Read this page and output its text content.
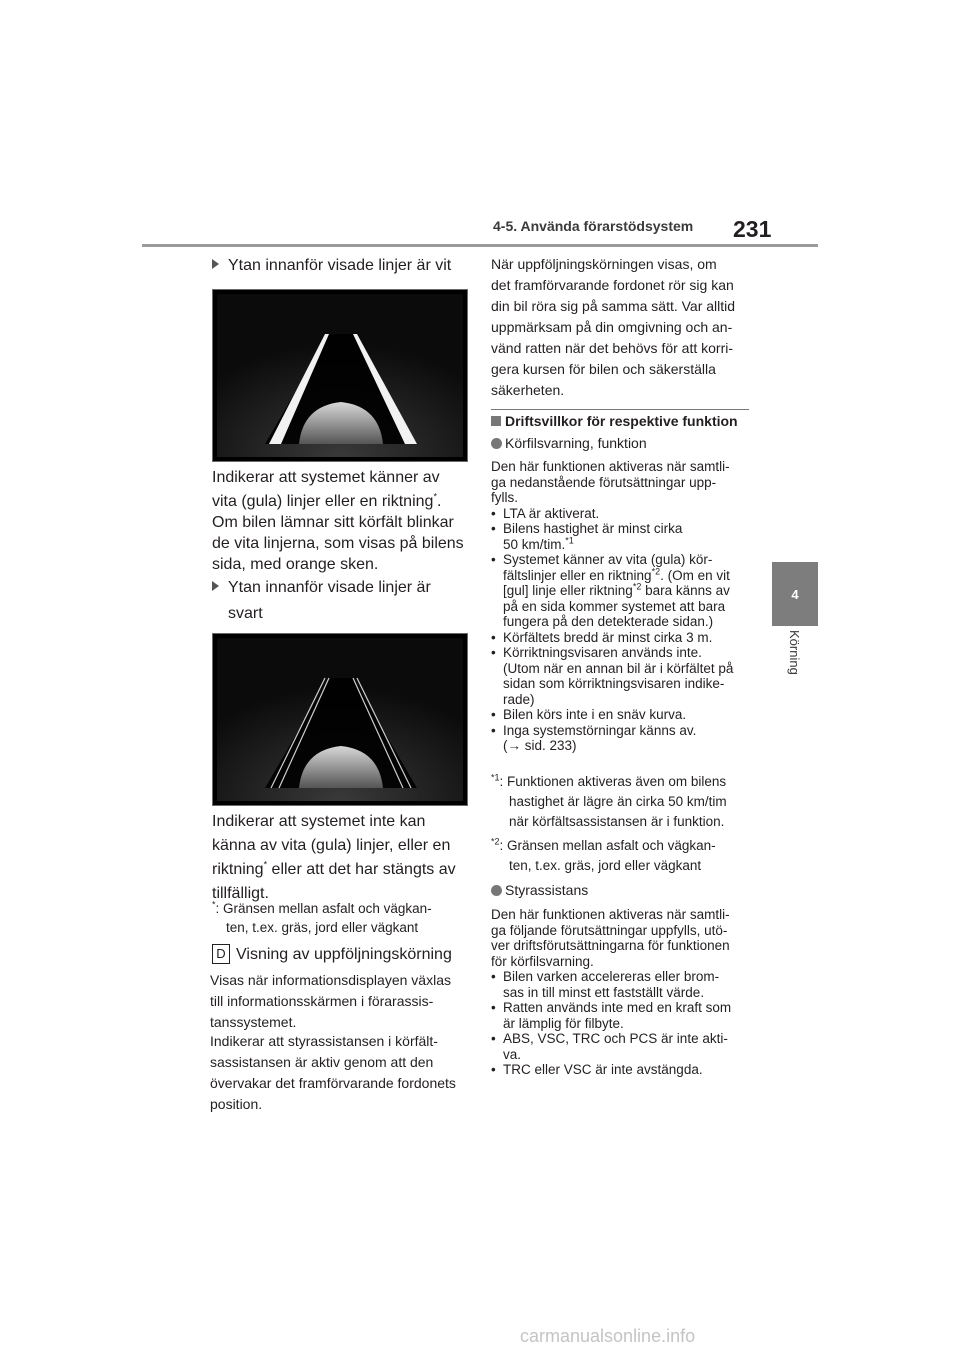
4-5. Använda förarstödsystem 231
4
Körning
Ytan innanför visade linjer är vit
Indikerar att systemet känner av
vita (gula) linjer eller en riktning*.
Om bilen lämnar sitt körfält blinkar
de vita linjerna, som visas på bilens
sida, med orange sken.
Ytan innanför visade linjer är
svart
Indikerar att systemet inte kan
känna av vita (gula) linjer, eller en
riktning* eller att det har stängts av
tillfälligt.
*: Gränsen mellan asfalt och vägkan-
ten, t.ex. gräs, jord eller vägkant
D Visning av uppföljningskörning
Visas när informationsdisplayen växlas
till informationsskärmen i förarassis-
tanssystemet.
Indikerar att styrassistansen i körfält-
sassistansen är aktiv genom att den
övervakar det framförvarande fordonets
position.
När uppföljningskörningen visas, om
det framförvarande fordonet rör sig kan
din bil röra sig på samma sätt. Var alltid
uppmärksam på din omgivning och an-
vänd ratten när det behövs för att korri-
gera kursen för bilen och säkerställa
säkerheten.
Driftsvillkor för respektive funktion
Körfilsvarning, funktion
Den här funktionen aktiveras när samtli-
ga nedanstående förutsättningar upp-
fylls.
• LTA är aktiverat.
• Bilens hastighet är minst cirka
50 km/tim.$^{*1}$
• Systemet känner av vita (gula) kör-
fältslinjer eller en riktning$^{*2}$. (Om en vit
[gul] linje eller riktning$^{*2}$ bara känns av
på en sida kommer systemet att bara
fungera på den detekterade sidan.)
• Körfältets bredd är minst cirka 3 m.
• Körriktningsvisaren används inte.
(Utom när en annan bil är i körfältet på
sidan som körriktningsvisaren indike-
rade)
• Bilen körs inte i en snäv kurva.
• Inga systemstörningar känns av.
(→ sid. 233)
$^{*1}$: Funktionen aktiveras även om bilens
hastighet är lägre än cirka 50 km/tim
när körfältsassistansen är i funktion.
$^{*2}$: Gränsen mellan asfalt och vägkan-
ten, t.ex. gräs, jord eller vägkant
Styrassistans
Den här funktionen aktiveras när samtli-
ga följande förutsättningar uppfylls, utö-
ver driftsförutsättningarna för funktionen
för körfilsvarning.
• Bilen varken accelereras eller brom-
sas in till minst ett fastställt värde.
• Ratten används inte med en kraft som
är lämplig för filbyte.
• ABS, VSC, TRC och PCS är inte akti-
va.
• TRC eller VSC är inte avstängda.
carmanualsonline.info
